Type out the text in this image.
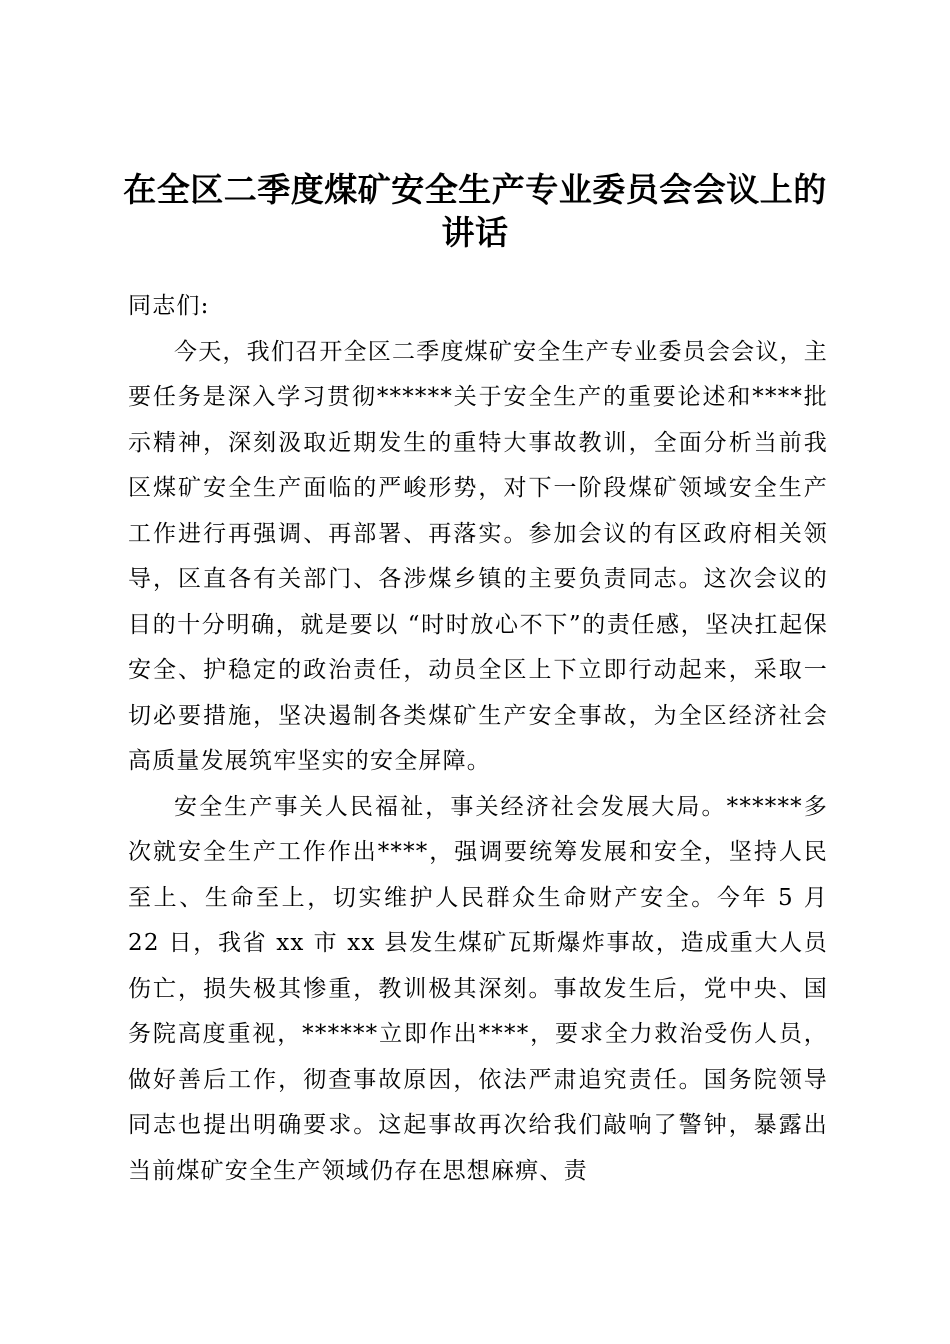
在全区二季度煤矿安全生产专业委员会会议上的讲话

同志们:

今天，我们召开全区二季度煤矿安全生产专业委员会会议，主要任务是深入学习贯彻******关于安全生产的重要论述和****批示精神，深刻汲取近期发生的重特大事故教训，全面分析当前我区煤矿安全生产面临的严峻形势，对下一阶段煤矿领域安全生产工作进行再强调、再部署、再落实。参加会议的有区政府相关领导，区直各有关部门、各涉煤乡镇的主要负责同志。这次会议的目的十分明确，就是要以 “时时放心不下”的责任感，坚决扛起保安全、护稳定的政治责任，动员全区上下立即行动起来，采取一切必要措施，坚决遏制各类煤矿生产安全事故，为全区经济社会高质量发展筑牢坚实的安全屏障。

安全生产事关人民福祉，事关经济社会发展大局。******多次就安全生产工作作出****，强调要统筹发展和安全，坚持人民至上、生命至上，切实维护人民群众生命财产安全。今年 5 月 22 日，我省 xx 市 xx 县发生煤矿瓦斯爆炸事故，造成重大人员伤亡，损失极其惨重，教训极其深刻。事故发生后，党中央、国务院高度重视，******立即作出****，要求全力救治受伤人员，做好善后工作，彻查事故原因，依法严肃追究责任。国务院领导同志也提出明确要求。这起事故再次给我们敲响了警钟，暴露出当前煤矿安全生产领域仍存在思想麻痹、责
